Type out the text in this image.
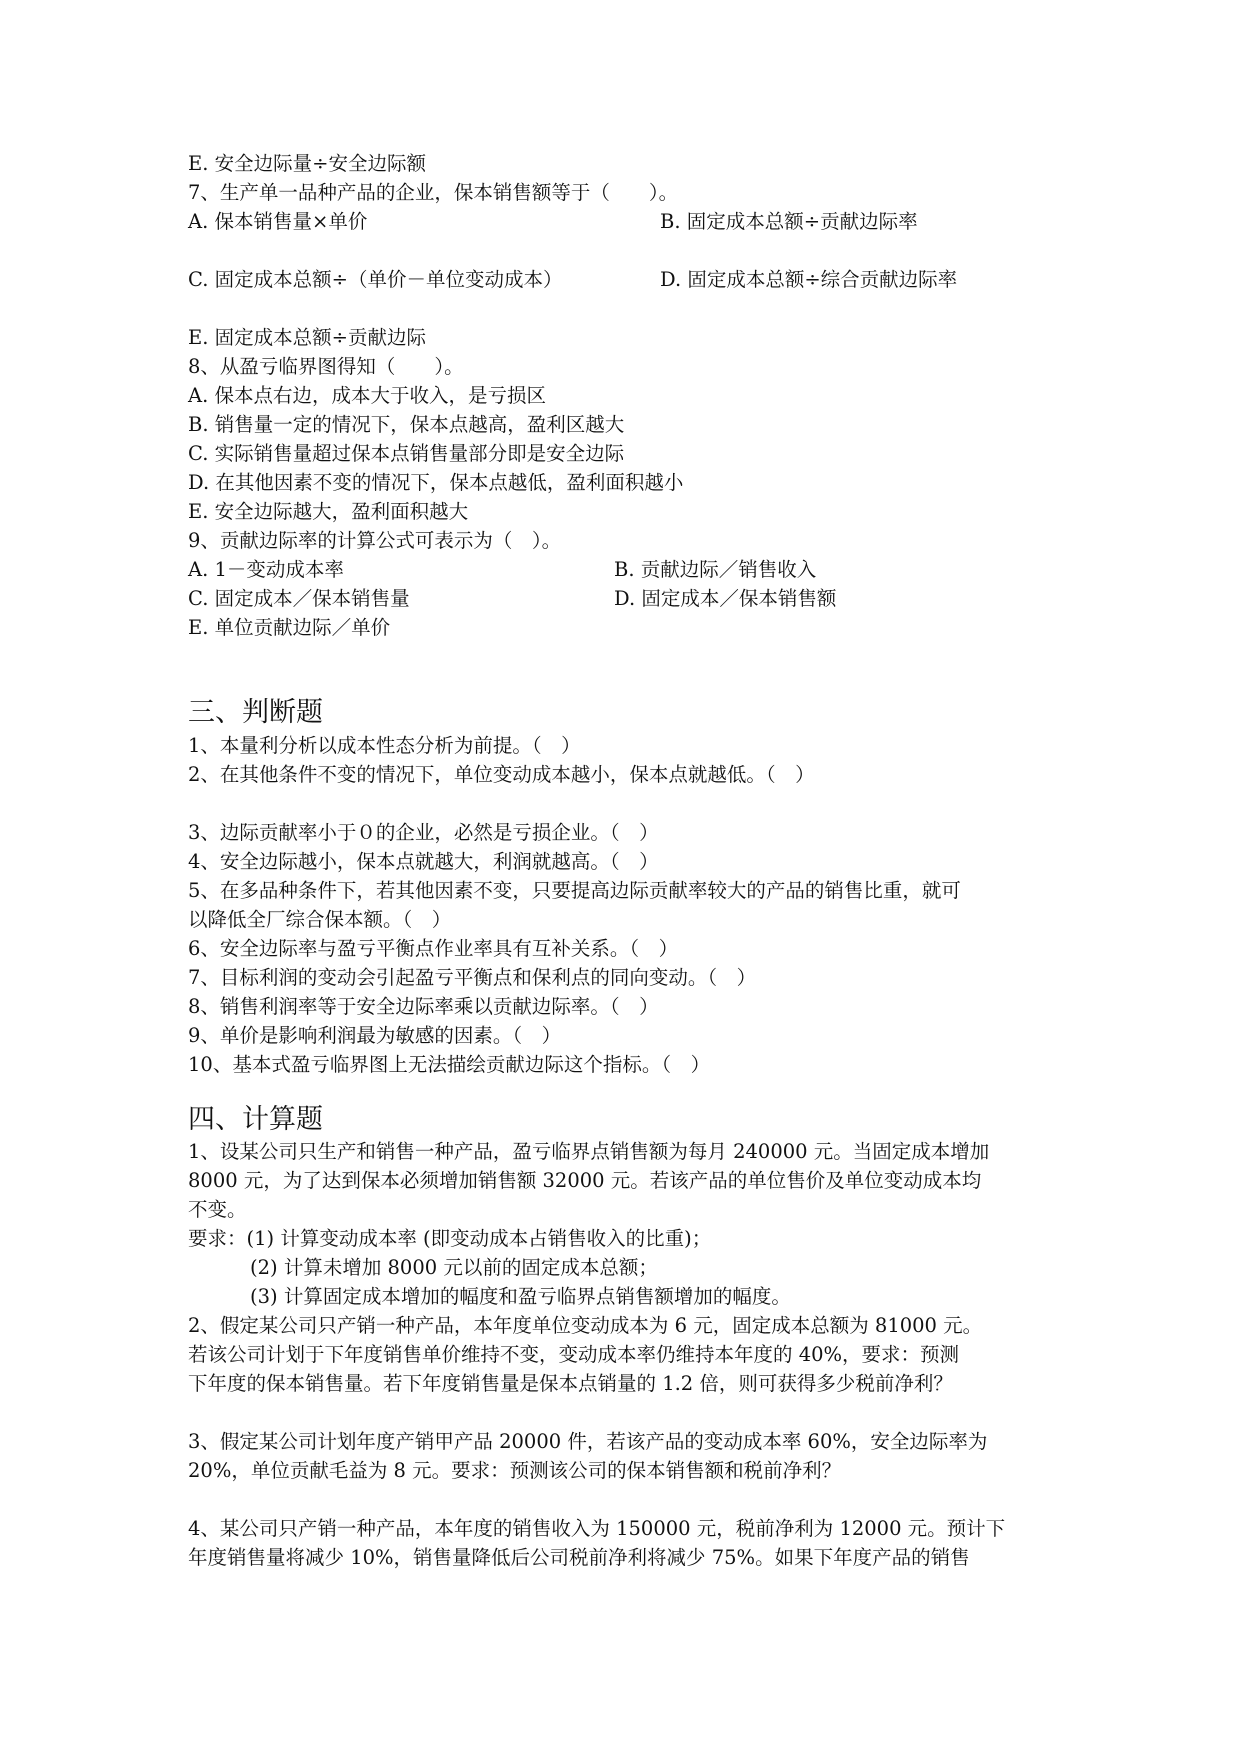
E. 安全边际量÷安全边际额
7、生产单一品种产品的企业，保本销售额等于（　　）。
A. 保本销售量×单价	B. 固定成本总额÷贡献边际率
C. 固定成本总额÷（单价－单位变动成本）	D. 固定成本总额÷综合贡献边际率
E. 固定成本总额÷贡献边际
8、从盈亏临界图得知（　　）。
A. 保本点右边，成本大于收入，是亏损区
B. 销售量一定的情况下，保本点越高，盈利区越大
C. 实际销售量超过保本点销售量部分即是安全边际
D. 在其他因素不变的情况下，保本点越低，盈利面积越小
E. 安全边际越大，盈利面积越大
9、贡献边际率的计算公式可表示为（　）。
A. 1－变动成本率	B. 贡献边际／销售收入
C. 固定成本／保本销售量	D. 固定成本／保本销售额
E. 单位贡献边际／单价
三、判断题
1、本量利分析以成本性态分析为前提。（　）
2、在其他条件不变的情况下，单位变动成本越小，保本点就越低。（　）
3、边际贡献率小于０的企业，必然是亏损企业。（　）
4、安全边际越小，保本点就越大，利润就越高。（　）
5、在多品种条件下，若其他因素不变，只要提高边际贡献率较大的产品的销售比重，就可
以降低全厂综合保本额。（　）
6、安全边际率与盈亏平衡点作业率具有互补关系。（　）
7、目标利润的变动会引起盈亏平衡点和保利点的同向变动。（　）
8、销售利润率等于安全边际率乘以贡献边际率。（　）
9、单价是影响利润最为敏感的因素。（　）
10、基本式盈亏临界图上无法描绘贡献边际这个指标。（　）
四、计算题
1、设某公司只生产和销售一种产品，盈亏临界点销售额为每月 240000 元。当固定成本增加
8000 元，为了达到保本必须增加销售额 32000 元。若该产品的单位售价及单位变动成本均
不变。
要求：(1) 计算变动成本率 (即变动成本占销售收入的比重)；
(2) 计算未增加 8000 元以前的固定成本总额；
(3) 计算固定成本增加的幅度和盈亏临界点销售额增加的幅度。
2、假定某公司只产销一种产品，本年度单位变动成本为 6 元，固定成本总额为 81000 元。
若该公司计划于下年度销售单价维持不变，变动成本率仍维持本年度的 40%，要求：预测
下年度的保本销售量。若下年度销售量是保本点销量的 1.2 倍，则可获得多少税前净利？
3、假定某公司计划年度产销甲产品 20000 件，若该产品的变动成本率 60%，安全边际率为
20%，单位贡献毛益为 8 元。要求：预测该公司的保本销售额和税前净利？
4、某公司只产销一种产品，本年度的销售收入为 150000 元，税前净利为 12000 元。预计下
年度销售量将减少 10%，销售量降低后公司税前净利将减少 75%。如果下年度产品的销售
